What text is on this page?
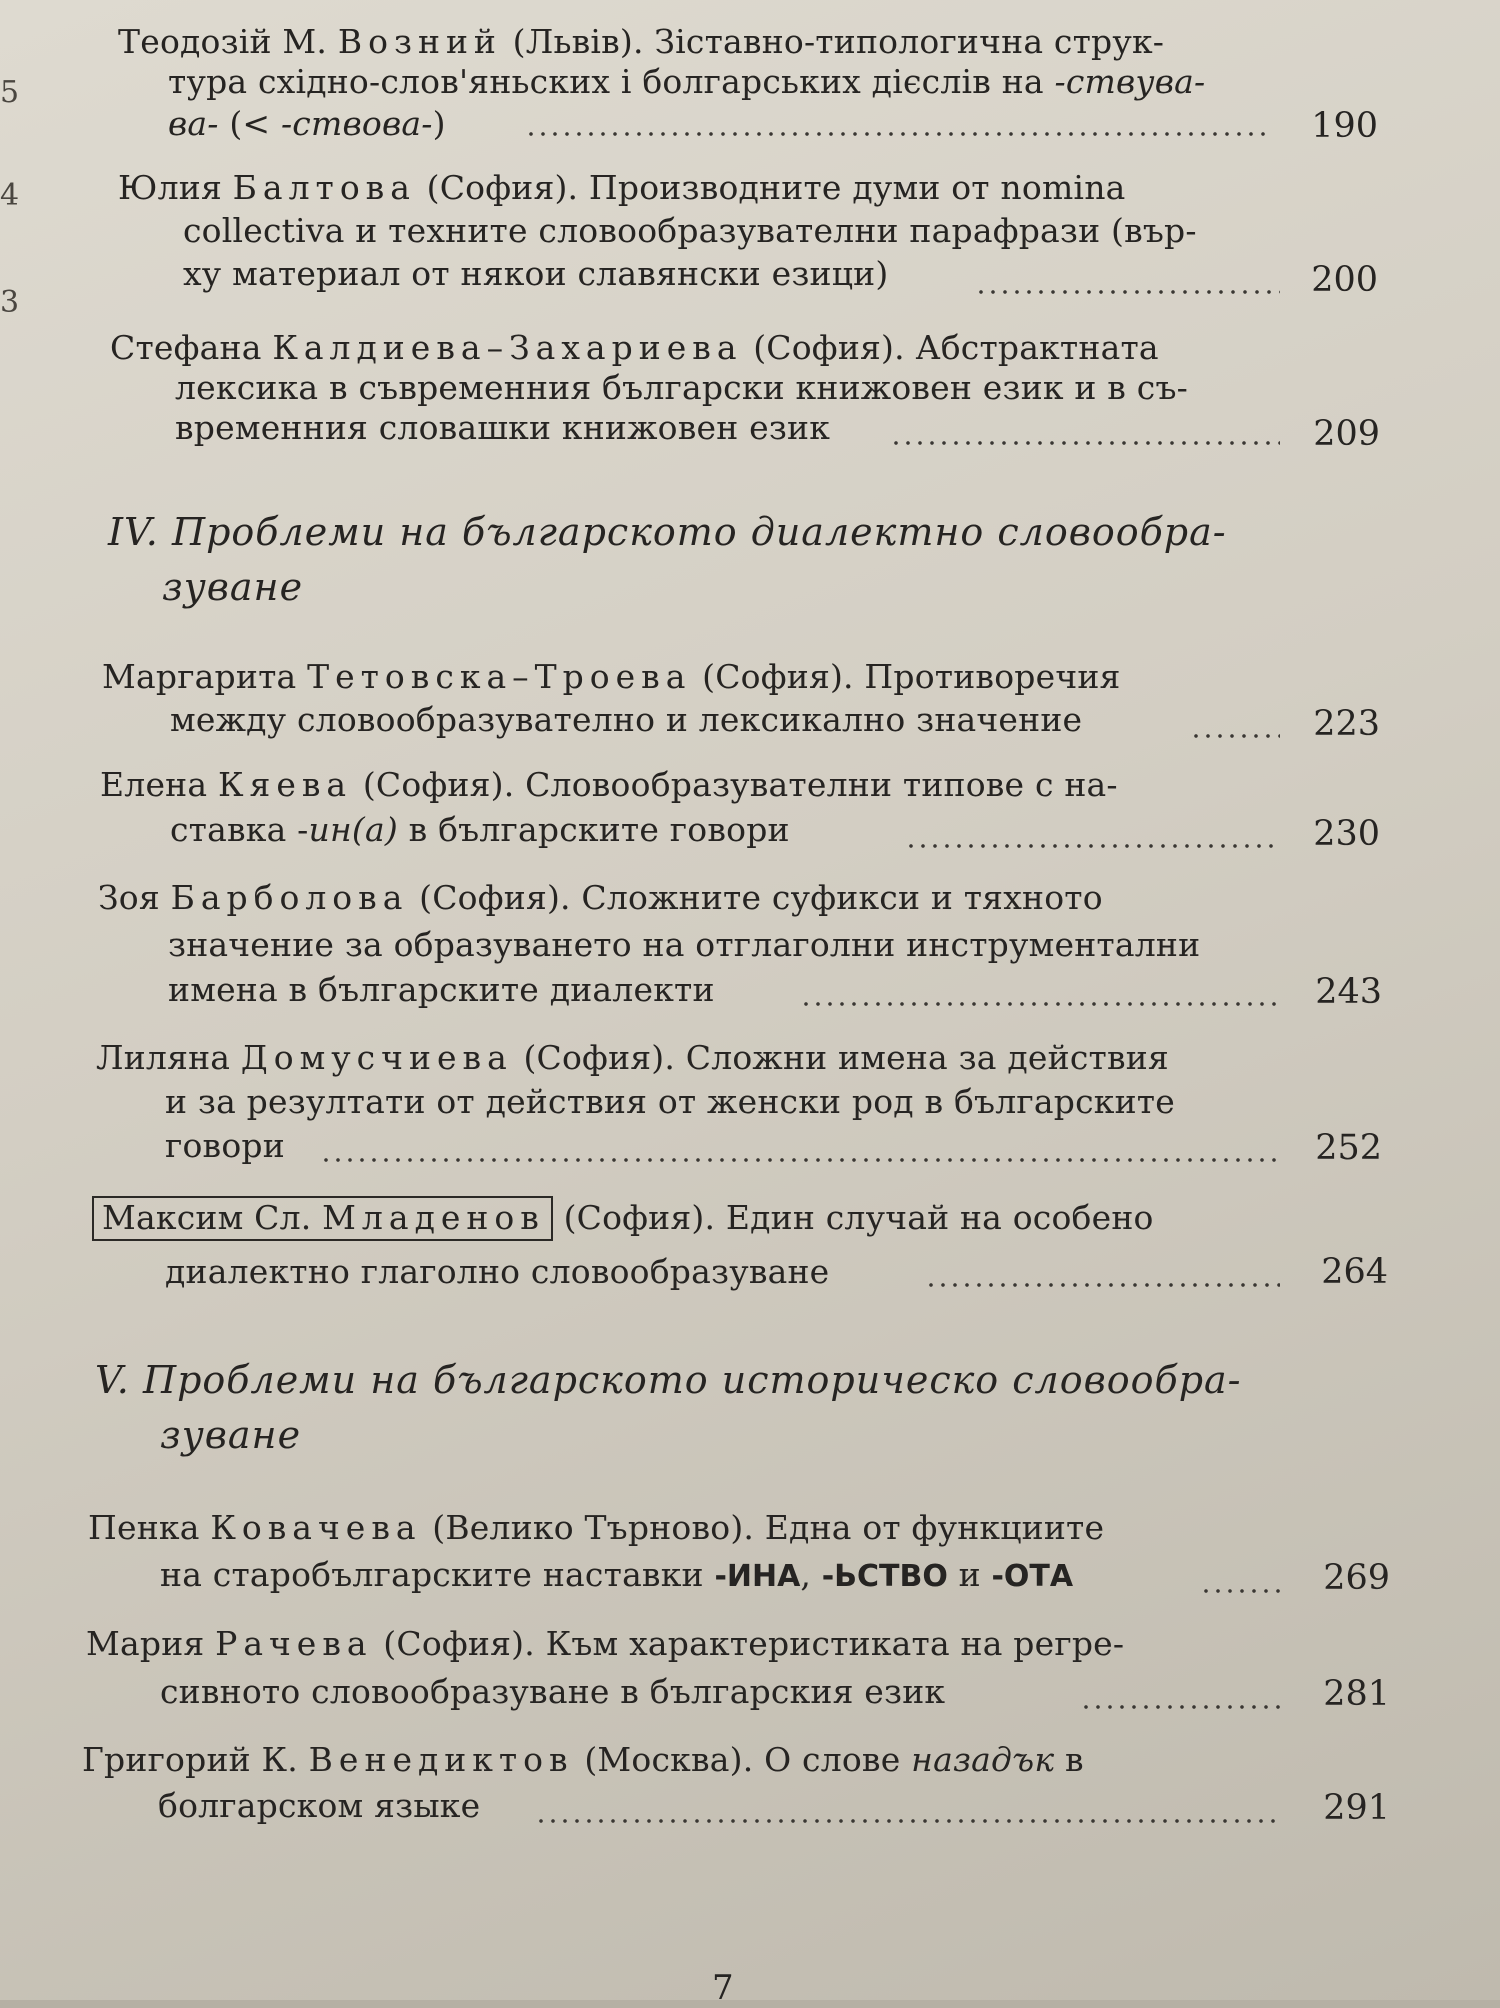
5
4
3
Теодозій М. Возний (Львів). Зіставно-типологична струк-
тура східно-слов'яньских і болгарських дієслів на -ствува-
ва- (< -ствова-)	190
Юлия Балтова (София). Производните думи от nomina
collectiva и техните словообразувателни парафрази (вър-
ху материал от някои славянски езици)	200
Стефана Калдиева–Захариева (София). Абстрактната
лексика в съвременния български книжовен език и в съ-
временния словашки книжовен език	209
IV. Проблеми на българското диалектно словообра-
зуване
Маргарита Тетовска–Троева (София). Противоречия
между словообразувателно и лексикално значение	223
Елена Кяева (София). Словообразувателни типове с на-
ставка -ин(а) в българските говори	230
Зоя Барболова (София). Сложните суфикси и тяхното
значение за образуването на отглаголни инструментални
имена в българските диалекти	243
Лиляна Домусчиева (София). Сложни имена за действия
и за резултати от действия от женски род в българските
говори	252
Максим Сл. Младенов (София). Един случай на особено
диалектно глаголно словообразуване	264
V. Проблеми на българското историческо словообра-
зуване
Пенка Ковачева (Велико Търново). Една от функциите
на старобългарските наставки -ИНА, -ЬСТВО и -ОТА	269
Мария Рачева (София). Към характеристиката на регре-
сивното словообразуване в българския език	281
Григорий К. Венедиктов (Москва). О слове назадък в
болгарском языке	291
7
